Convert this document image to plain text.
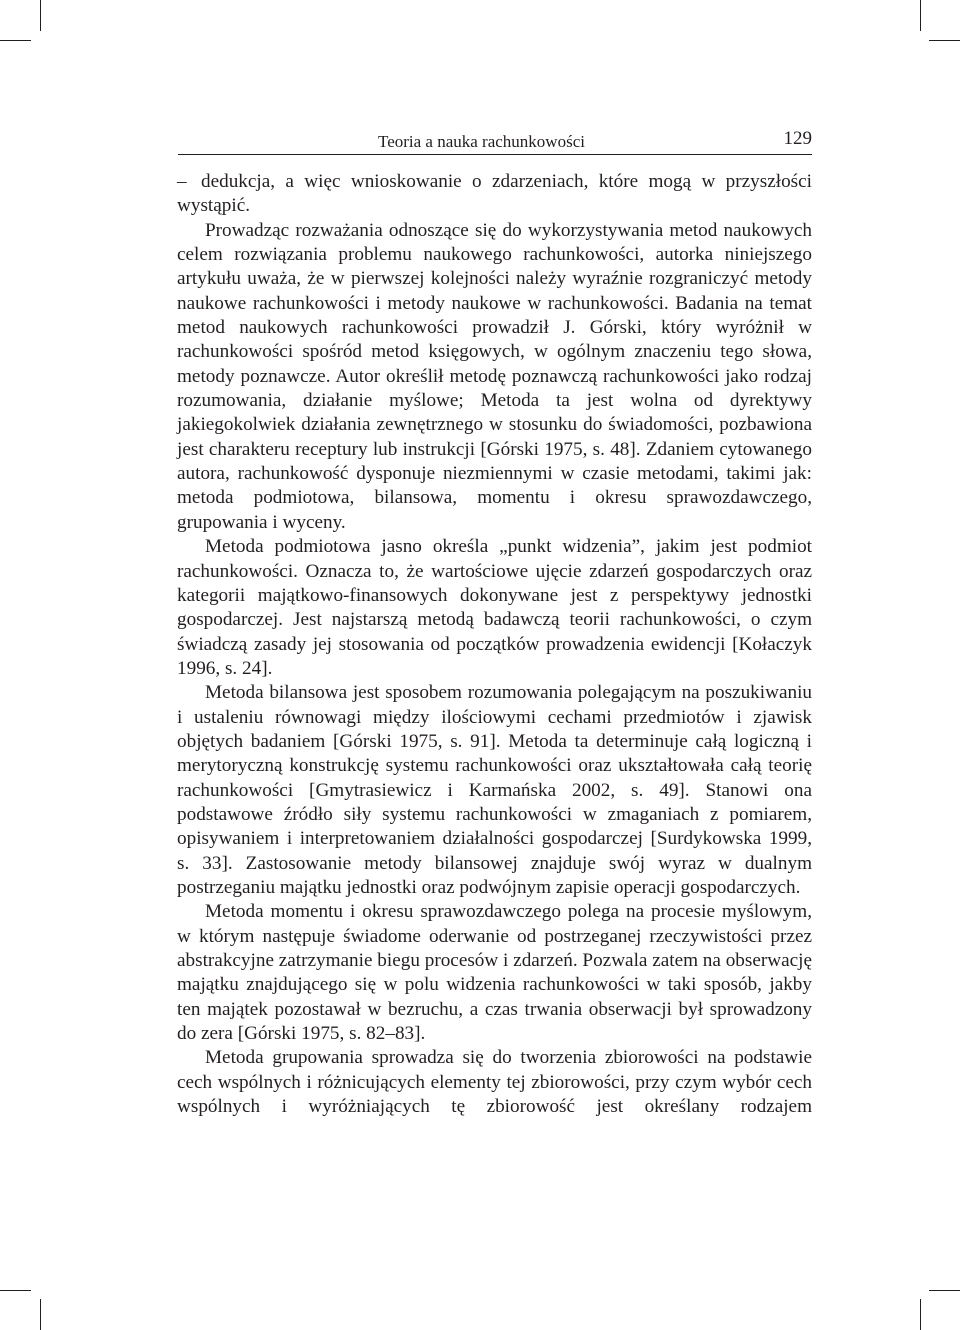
Teoria a nauka rachunkowości	129

– dedukcja, a więc wnioskowanie o zdarzeniach, które mogą w przyszłości wystąpić.

Prowadząc rozważania odnoszące się do wykorzystywania metod naukowych celem rozwiązania problemu naukowego rachunkowości, autorka niniejszego artykułu uważa, że w pierwszej kolejności należy wyraźnie rozgraniczyć metody naukowe rachunkowości i metody naukowe w rachunkowości. Badania na temat metod naukowych rachunkowości prowadził J. Górski, który wyróżnił w rachunkowości spośród metod księgowych, w ogólnym znaczeniu tego słowa, metody poznawcze. Autor określił metodę poznawczą rachunkowości jako rodzaj rozumowania, działanie myślowe; Metoda ta jest wolna od dyrektywy jakiegokolwiek działania zewnętrznego w stosunku do świadomości, pozbawiona jest charakteru receptury lub instrukcji [Górski 1975, s. 48]. Zdaniem cytowanego autora, rachunkowość dysponuje niezmiennymi w czasie metodami, takimi jak: metoda podmiotowa, bilansowa, momentu i okresu sprawozdawczego, grupowania i wyceny.

Metoda podmiotowa jasno określa „punkt widzenia”, jakim jest podmiot rachunkowości. Oznacza to, że wartościowe ujęcie zdarzeń gospodarczych oraz kategorii majątkowo-finansowych dokonywane jest z perspektywy jednostki gospodarczej. Jest najstarszą metodą badawczą teorii rachunkowości, o czym świadczą zasady jej stosowania od początków prowadzenia ewidencji [Kołaczyk 1996, s. 24].

Metoda bilansowa jest sposobem rozumowania polegającym na poszukiwaniu i ustaleniu równowagi między ilościowymi cechami przedmiotów i zjawisk objętych badaniem [Górski 1975, s. 91]. Metoda ta determinuje całą logiczną i merytoryczną konstrukcję systemu rachunkowości oraz ukształtowała całą teorię rachunkowości [Gmytrasiewicz i Karmańska 2002, s. 49]. Stanowi ona podstawowe źródło siły systemu rachunkowości w zmaganiach z pomiarem, opisywaniem i interpretowaniem działalności gospodarczej [Surdykowska 1999, s. 33]. Zastosowanie metody bilansowej znajduje swój wyraz w dualnym postrzeganiu majątku jednostki oraz podwójnym zapisie operacji gospodarczych.

Metoda momentu i okresu sprawozdawczego polega na procesie myślowym, w którym następuje świadome oderwanie od postrzeganej rzeczywistości przez abstrakcyjne zatrzymanie biegu procesów i zdarzeń. Pozwala zatem na obserwację majątku znajdującego się w polu widzenia rachunkowości w taki sposób, jakby ten majątek pozostawał w bezruchu, a czas trwania obserwacji był sprowadzony do zera [Górski 1975, s. 82–83].

Metoda grupowania sprowadza się do tworzenia zbiorowości na podstawie cech wspólnych i różnicujących elementy tej zbiorowości, przy czym wybór cech wspólnych i wyróżniających tę zbiorowość jest określany rodzajem
